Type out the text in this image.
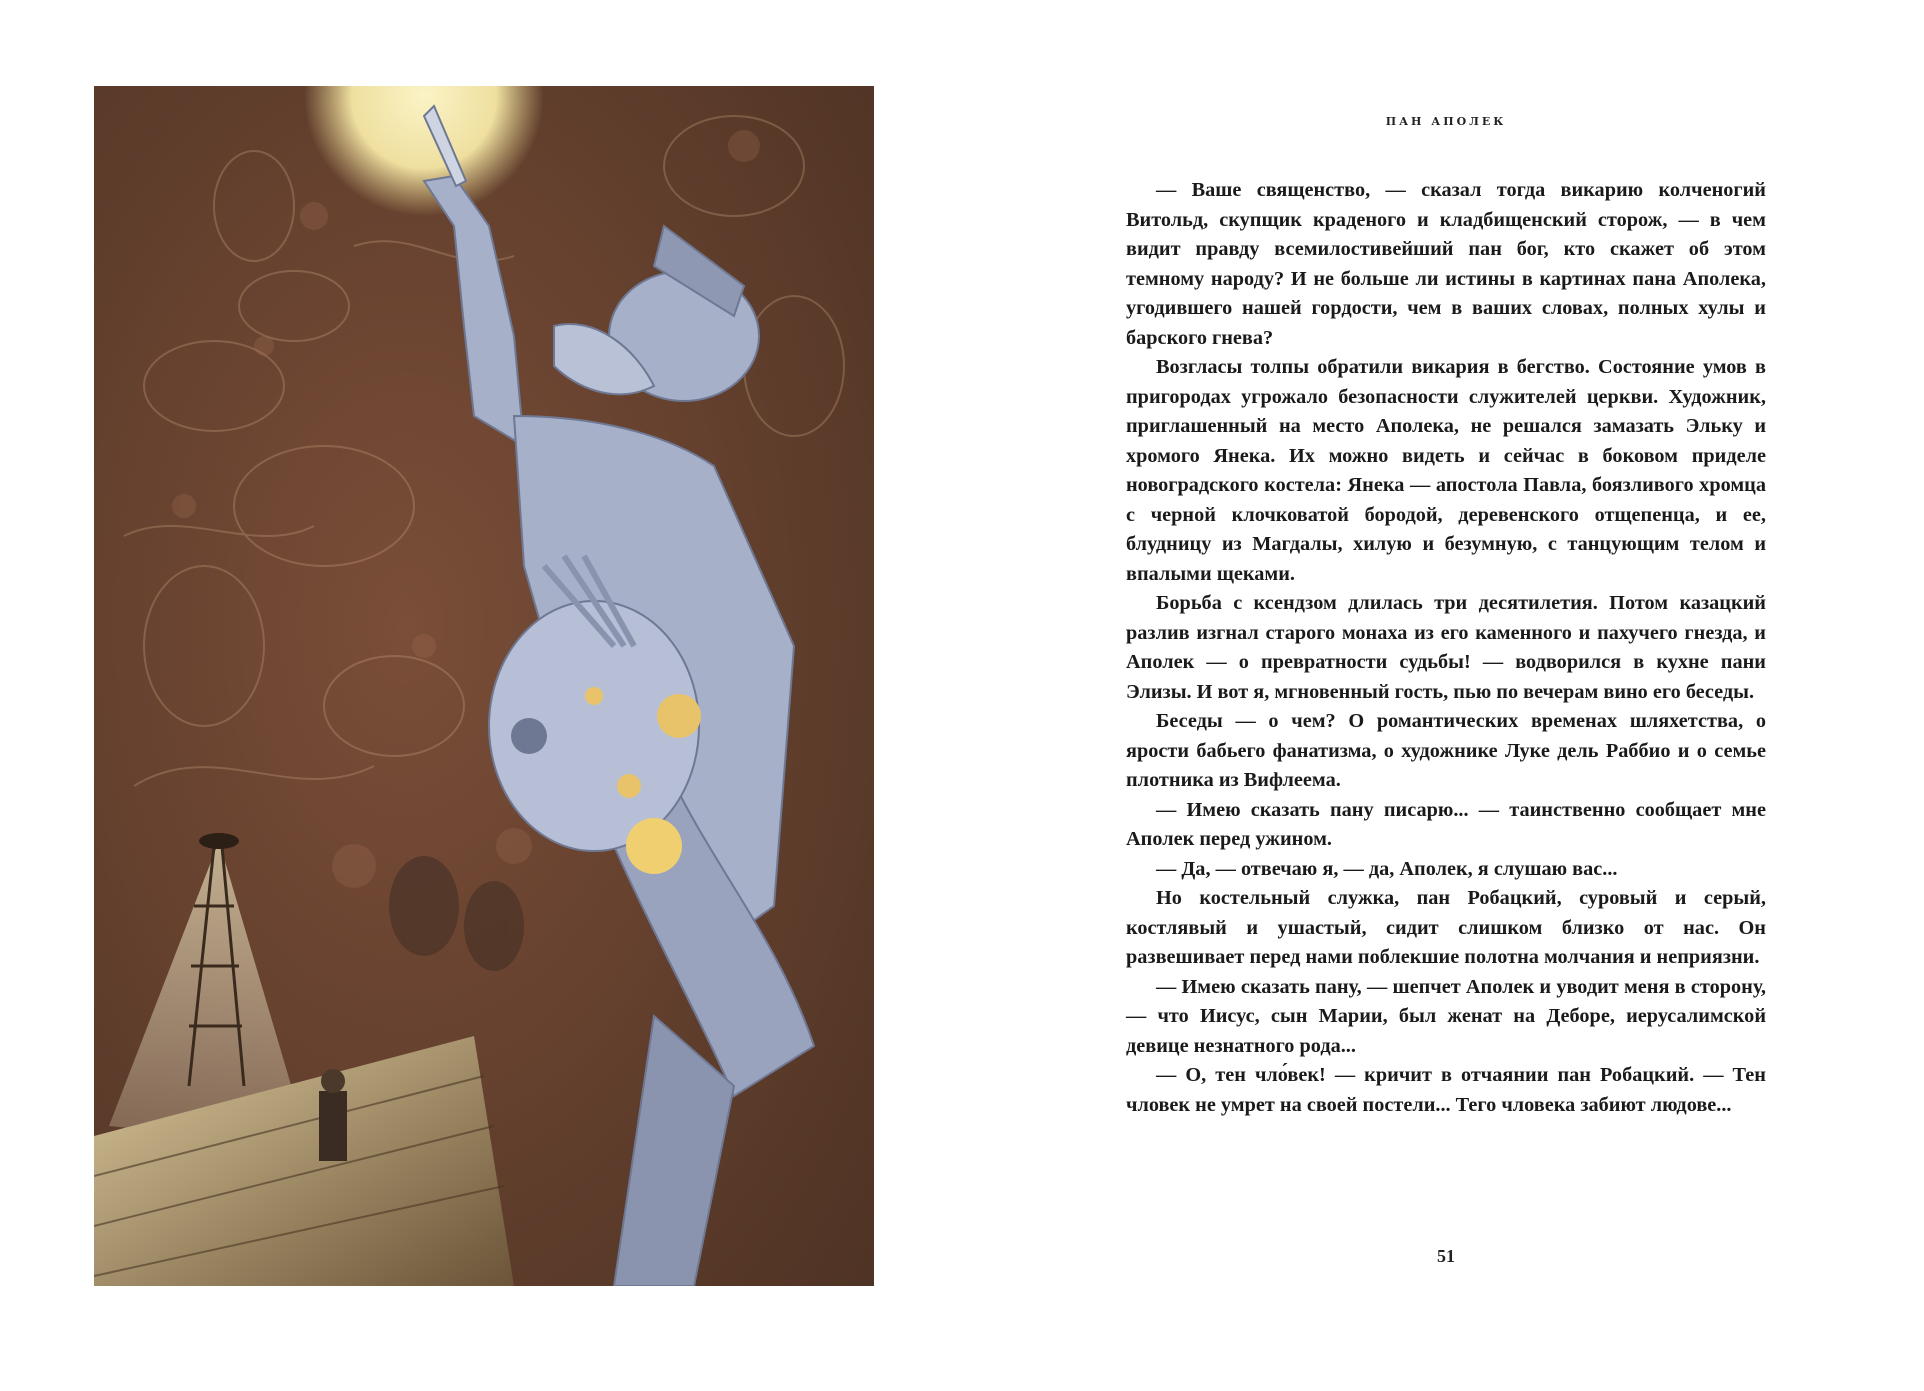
ПАН АПОЛЕК

— Ваше священство, — сказал тогда викарию колченогий Витольд, скупщик краденого и кладбищенский сторож, — в чем видит правду всемилостивейший пан бог, кто скажет об этом темному народу? И не больше ли истины в картинах пана Аполека, угодившего нашей гордости, чем в ваших словах, полных хулы и барского гнева?

Возгласы толпы обратили викария в бегство. Состояние умов в пригородах угрожало безопасности служителей церкви. Художник, приглашенный на место Аполека, не решался замазать Эльку и хромого Янека. Их можно видеть и сейчас в боковом приделе новоградского костела: Янека — апостола Павла, боязливого хромца с черной клочковатой бородой, деревенского отщепенца, и ее, блудницу из Магдалы, хилую и безумную, с танцующим телом и впалыми щеками.

Борьба с ксендзом длилась три десятилетия. Потом казацкий разлив изгнал старого монаха из его каменного и пахучего гнезда, и Аполек — о превратности судьбы! — водворился в кухне пани Элизы. И вот я, мгновенный гость, пью по вечерам вино его беседы.

Беседы — о чем? О романтических временах шляхетства, о ярости бабьего фанатизма, о художнике Луке дель Раббио и о семье плотника из Вифлеема.

— Имею сказать пану писарю... — таинственно сообщает мне Аполек перед ужином.

— Да, — отвечаю я, — да, Аполек, я слушаю вас...

Но костельный служка, пан Робацкий, суровый и серый, костлявый и ушастый, сидит слишком близко от нас. Он развешивает перед нами поблекшие полотна молчания и неприязни.

— Имею сказать пану, — шепчет Аполек и уводит меня в сторону, — что Иисус, сын Марии, был женат на Деборе, иерусалимской девице незнатного рода...

— О, тен чло́век! — кричит в отчаянии пан Робацкий. — Тен чловек не умрет на своей постели... Тего чловека забиют людове...

51
